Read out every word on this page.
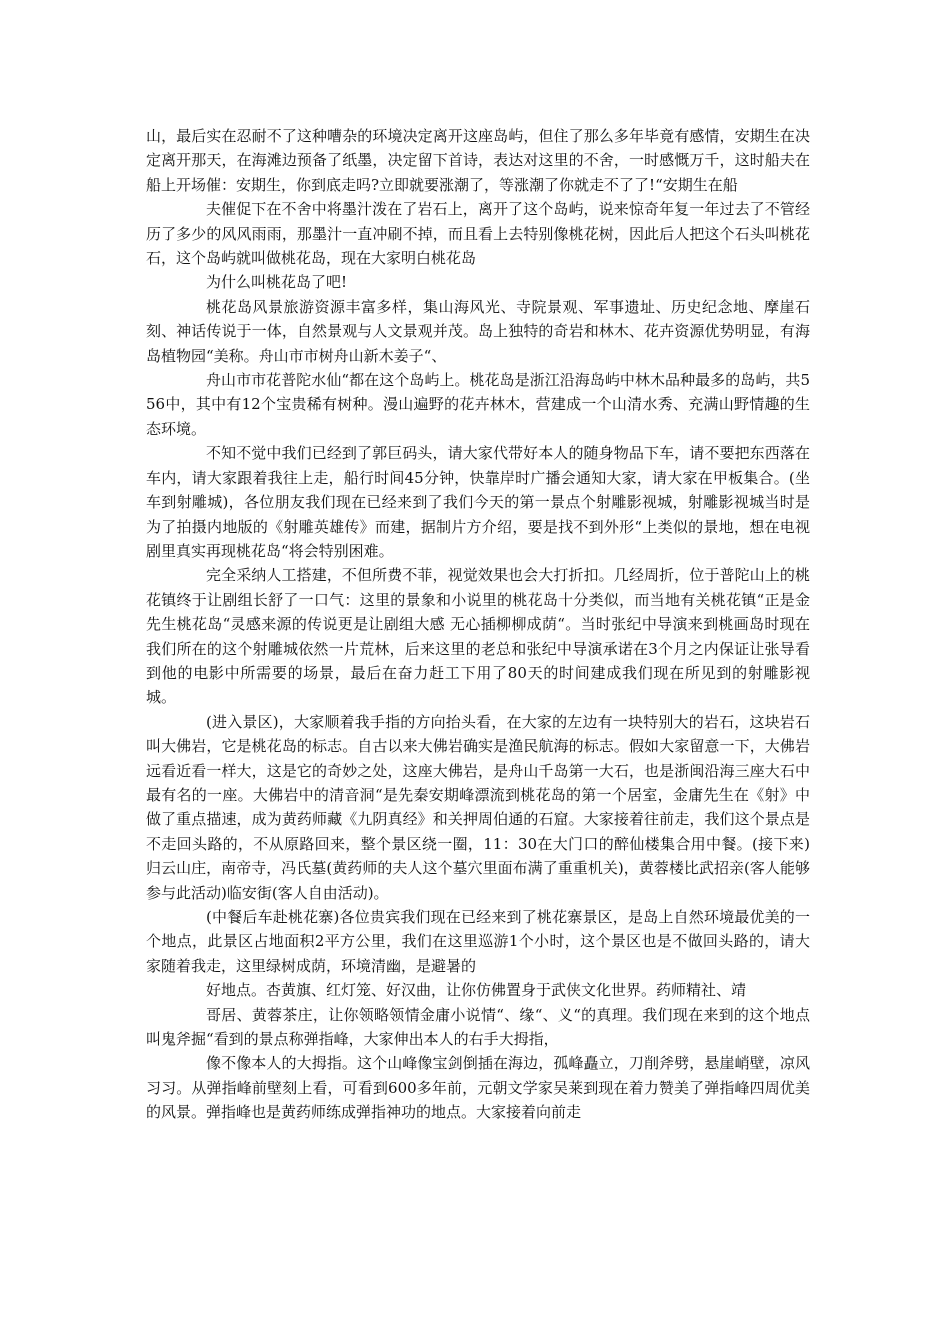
山，最后实在忍耐不了这种嘈杂的环境决定离开这座岛屿，但住了那么多年毕竟有感情，安期生在决定离开那天，在海滩边预备了纸墨，决定留下首诗，表达对这里的不舍，一时感慨万千，这时船夫在船上开场催：安期生，你到底走吗?立即就要涨潮了，等涨潮了你就走不了了!“安期生在船

夫催促下在不舍中将墨汁泼在了岩石上，离开了这个岛屿，说来惊奇年复一年过去了不管经历了多少的风风雨雨，那墨汁一直冲刷不掉，而且看上去特别像桃花树，因此后人把这个石头叫桃花石，这个岛屿就叫做桃花岛，现在大家明白桃花岛

为什么叫桃花岛了吧!

桃花岛风景旅游资源丰富多样，集山海风光、寺院景观、军事遗址、历史纪念地、摩崖石刻、神话传说于一体，自然景观与人文景观并茂。岛上独特的奇岩和林木、花卉资源优势明显，有海岛植物园“美称。舟山市市树舟山新木姜子“、

舟山市市花普陀水仙“都在这个岛屿上。桃花岛是浙江沿海岛屿中林木品种最多的岛屿，共556中，其中有12个宝贵稀有树种。漫山遍野的花卉林木，营建成一个山清水秀、充满山野情趣的生态环境。

不知不觉中我们已经到了郭巨码头，请大家代带好本人的随身物品下车，请不要把东西落在车内，请大家跟着我往上走，船行时间45分钟，快靠岸时广播会通知大家，请大家在甲板集合。(坐车到射雕城)，各位朋友我们现在已经来到了我们今天的第一景点个射雕影视城，射雕影视城当时是为了拍摄内地版的《射雕英雄传》而建，据制片方介绍，要是找不到外形“上类似的景地，想在电视剧里真实再现桃花岛“将会特别困难。

完全采纳人工搭建，不但所费不菲，视觉效果也会大打折扣。几经周折，位于普陀山上的桃花镇终于让剧组长舒了一口气：这里的景象和小说里的桃花岛十分类似，而当地有关桃花镇“正是金先生桃花岛“灵感来源的传说更是让剧组大感 无心插柳柳成荫“。当时张纪中导演来到桃画岛时现在我们所在的这个射雕城依然一片荒林，后来这里的老总和张纪中导演承诺在3个月之内保证让张导看到他的电影中所需要的场景，最后在奋力赶工下用了80天的时间建成我们现在所见到的射雕影视城。

(进入景区)，大家顺着我手指的方向抬头看，在大家的左边有一块特别大的岩石，这块岩石叫大佛岩，它是桃花岛的标志。自古以来大佛岩确实是渔民航海的标志。假如大家留意一下，大佛岩远看近看一样大，这是它的奇妙之处，这座大佛岩，是舟山千岛第一大石，也是浙闽沿海三座大石中最有名的一座。大佛岩中的清音洞“是先秦安期峰漂流到桃花岛的第一个居室，金庸先生在《射》中做了重点描速，成为黄药师藏《九阴真经》和关押周伯通的石窟。大家接着往前走，我们这个景点是不走回头路的，不从原路回来，整个景区绕一圈，11：30在大门口的醉仙楼集合用中餐。(接下来)归云山庄，南帝寺，冯氏墓(黄药师的夫人这个墓穴里面布满了重重机关)，黄蓉楼比武招亲(客人能够参与此活动)临安街(客人自由活动)。

(中餐后车赴桃花寨)各位贵宾我们现在已经来到了桃花寨景区，是岛上自然环境最优美的一个地点，此景区占地面积2平方公里，我们在这里巡游1个小时，这个景区也是不做回头路的，请大家随着我走，这里绿树成荫，环境清幽，是避暑的

好地点。杏黄旗、红灯笼、好汉曲，让你仿佛置身于武侠文化世界。药师精社、靖

哥居、黄蓉茶庄，让你领略领情金庸小说情“、缘“、义“的真理。我们现在来到的这个地点叫鬼斧掘“看到的景点称弹指峰，大家伸出本人的右手大拇指，

像不像本人的大拇指。这个山峰像宝剑倒插在海边，孤峰矗立，刀削斧劈，悬崖峭壁，凉风习习。从弹指峰前壁刻上看，可看到600多年前，元朝文学家吴莱到现在着力赞美了弹指峰四周优美的风景。弹指峰也是黄药师练成弹指神功的地点。大家接着向前走
